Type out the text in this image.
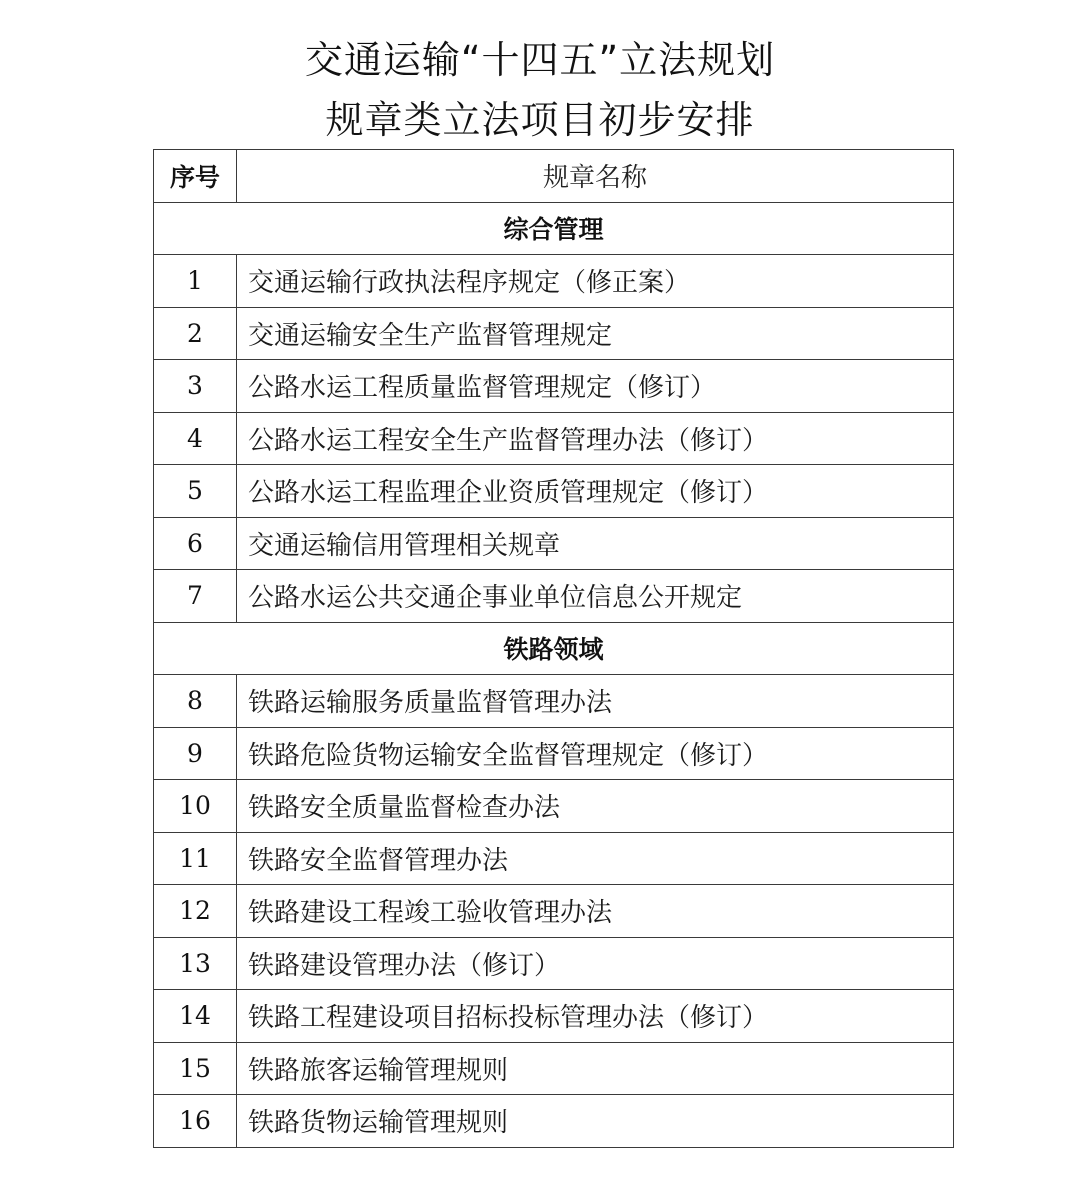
交通运输“十四五”立法规划
规章类立法项目初步安排
序号	规章名称
综合管理	
1	交通运输行政执法程序规定（修正案）
2	交通运输安全生产监督管理规定
3	公路水运工程质量监督管理规定（修订）
4	公路水运工程安全生产监督管理办法（修订）
5	公路水运工程监理企业资质管理规定（修订）
6	交通运输信用管理相关规章
7	公路水运公共交通企事业单位信息公开规定
铁路领域	
8	铁路运输服务质量监督管理办法
9	铁路危险货物运输安全监督管理规定（修订）
10	铁路安全质量监督检查办法
11	铁路安全监督管理办法
12	铁路建设工程竣工验收管理办法
13	铁路建设管理办法（修订）
14	铁路工程建设项目招标投标管理办法（修订）
15	铁路旅客运输管理规则
16	铁路货物运输管理规则
